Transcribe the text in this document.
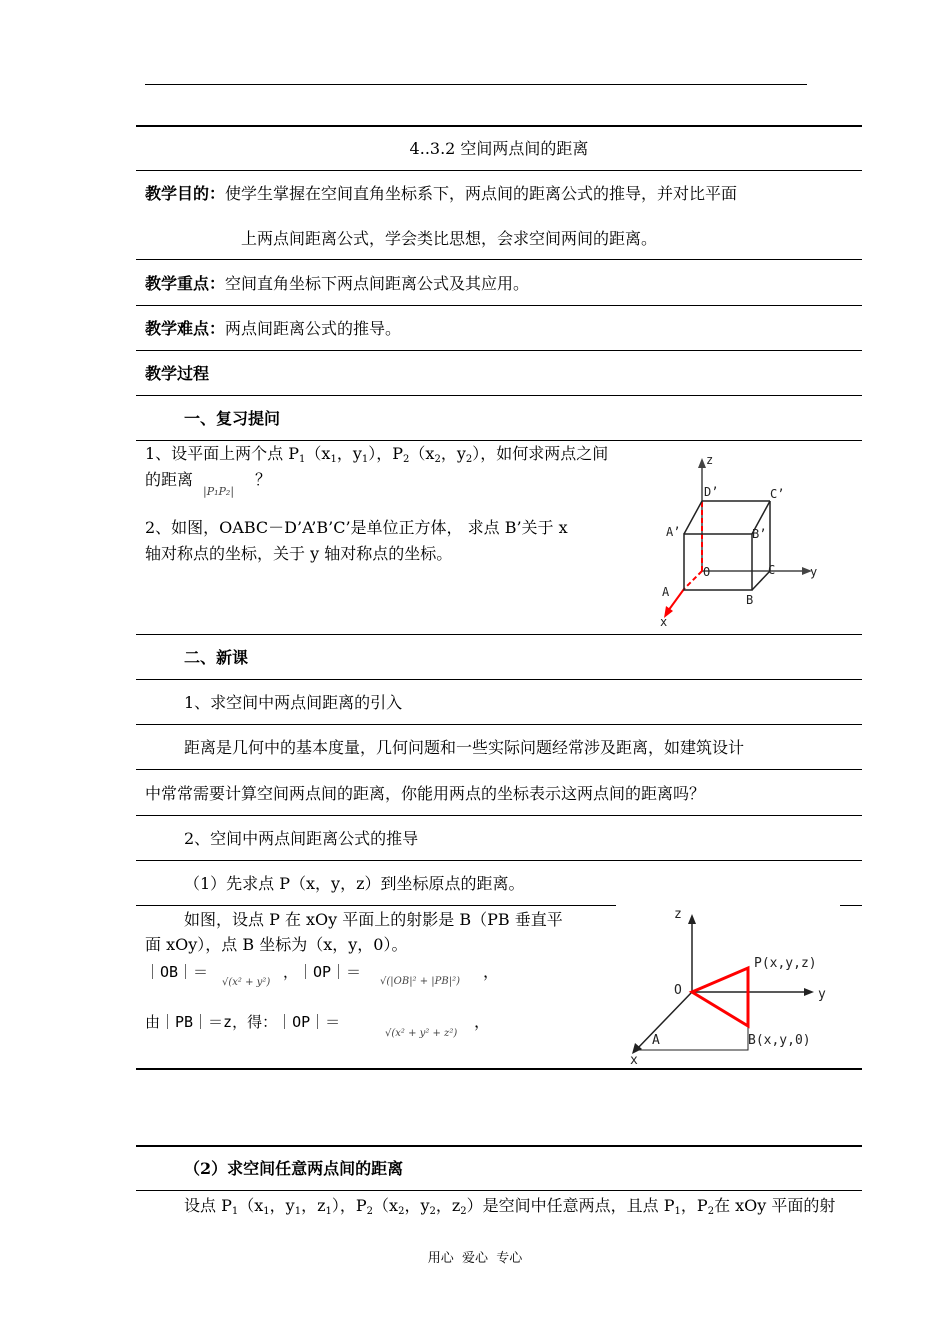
4..3.2 空间两点间的距离
教学目的：使学生掌握在空间直角坐标系下，两点间的距离公式的推导，并对比平面
上两点间距离公式，学会类比思想，会求空间两间的距离。
教学重点：空间直角坐标下两点间距离公式及其应用。
教学难点：两点间距离公式的推导。
教学过程
一、复习提问
1、设平面上两个点 $P_1(x_1$，$y_1$），$P_2(x_2$，$y_2$），如何求两点之间
的距离
|P₁P₂|
？
2、如图，OABC－D’A’B’C’是单位正方体， 求点 B’关于 x
轴对称点的坐标，关于 y 轴对称点的坐标。
z
D’	C’
A’	B’
O	C	y
A
B
x
二、新课
1、求空间中两点间距离的引入
距离是几何中的基本度量，几何问题和一些实际问题经常涉及距离，如建筑设计
中常常需要计算空间两点间的距离，你能用两点的坐标表示这两点间的距离吗？
2、空间中两点间距离公式的推导
（1）先求点 P（x，y，z）到坐标原点的距离。
如图，设点 P 在 xOy 平面上的射影是 B（PB 垂直平
面 xOy），点 B 坐标为（x，y，0）。
｜OB｜＝
√(x² + y²)
，｜OP｜＝
√(|OB|² + |PB|²)
，
由｜PB｜＝z，得：｜OP｜＝
√(x² + y² + z²)
，
z
P(x,y,z)
O	y
A	B(x,y,0)
x
（2）求空间任意两点间的距离
设点 $P_1(x_1$，$y_1$，$z_1$），$P_2(x_2$，$y_2$，$z_2$）是空间中任意两点，且点 $P_1$，$P_2$在 xOy 平面的射
用心  爱心  专心
